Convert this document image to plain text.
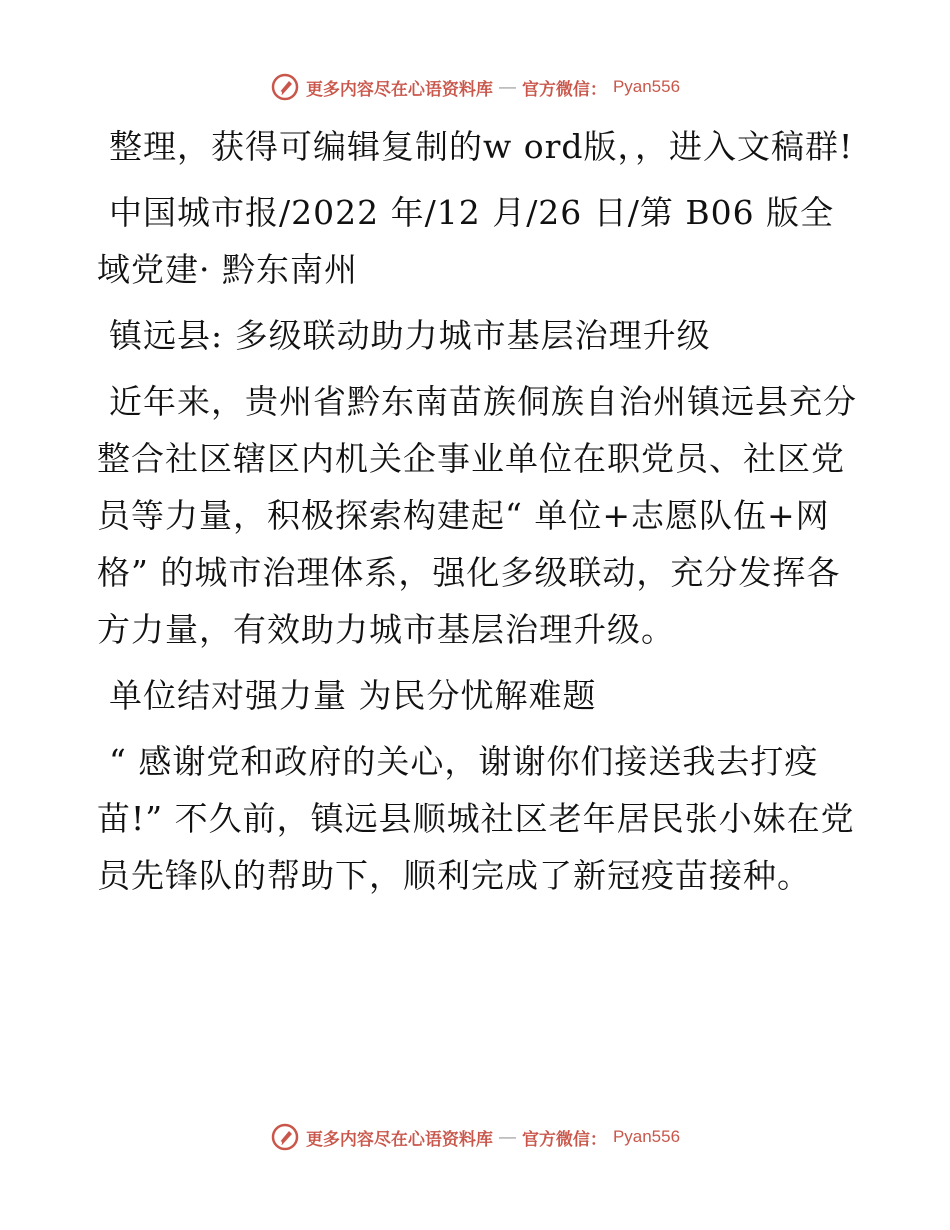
更多内容尽在心语资料库 — 官方微信： Pyan556

整理，获得可编辑复制的w ord版，，进入文稿群!

中国城市报/2022 年/12 月/26 日/第 B06 版全域党建· 黔东南州

镇远县: 多级联动助力城市基层治理升级

近年来，贵州省黔东南苗族侗族自治州镇远县充分整合社区辖区内机关企事业单位在职党员、社区党员等力量，积极探索构建起“ 单位+志愿队伍+网格” 的城市治理体系，强化多级联动，充分发挥各方力量，有效助力城市基层治理升级。

单位结对强力量 为民分忧解难题

“ 感谢党和政府的关心，谢谢你们接送我去打疫苗!” 不久前，镇远县顺城社区老年居民张小妹在党员先锋队的帮助下，顺利完成了新冠疫苗接种。

更多内容尽在心语资料库 — 官方微信： Pyan556
